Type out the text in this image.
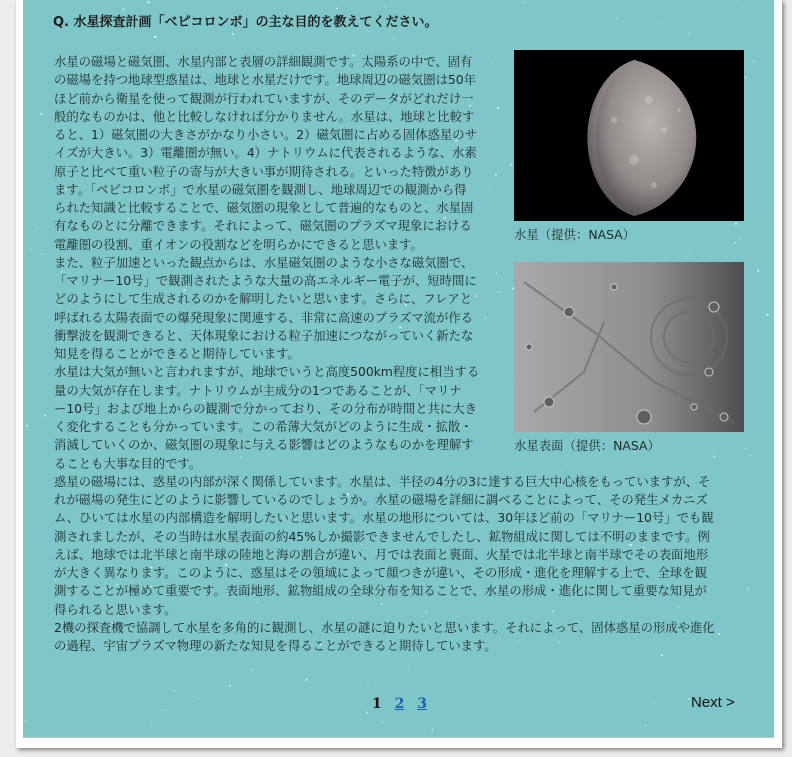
Q. 水星探査計画「ベピコロンボ」の主な目的を教えてください。
水星の磁場と磁気圏、水星内部と表層の詳細観測です。太陽系の中で、固有
の磁場を持つ地球型惑星は、地球と水星だけです。地球周辺の磁気圏は50年
ほど前から衛星を使って観測が行われていますが、そのデータがどれだけ一
般的なものかは、他と比較しなければ分かりません。水星は、地球と比較す
ると、1）磁気圏の大きさがかなり小さい。2）磁気圏に占める固体惑星のサ
イズが大きい。3）電離圏が無い。4）ナトリウムに代表されるような、水素
原子と比べて重い粒子の寄与が大きい事が期待される。といった特徴があり
ます。「ベピコロンボ」で水星の磁気圏を観測し、地球周辺での観測から得
られた知識と比較することで、磁気圏の現象として普遍的なものと、水星固
有なものとに分離できます。それによって、磁気圏のプラズマ現象における
電離圏の役割、重イオンの役割などを明らかにできると思います。
また、粒子加速といった観点からは、水星磁気圏のような小さな磁気圏で、
「マリナー10号」で観測されたような大量の高エネルギー電子が、短時間に
どのようにして生成されるのかを解明したいと思います。さらに、フレアと
呼ばれる太陽表面での爆発現象に関連する、非常に高速のプラズマ流が作る
衝撃波を観測できると、天体現象における粒子加速につながっていく新たな
知見を得ることができると期待しています。
水星は大気が無いと言われますが、地球でいうと高度500km程度に相当する
量の大気が存在します。ナトリウムが主成分の1つであることが、「マリナ
ー10号」および地上からの観測で分かっており、その分布が時間と共に大き
く変化することも分かっています。この希薄大気がどのように生成・拡散・
消滅していくのか、磁気圏の現象に与える影響はどのようなものかを理解す
ることも大事な目的です。
惑星の磁場には、惑星の内部が深く関係しています。水星は、半径の4分の3に達する巨大中心核をもっていますが、そ
れが磁場の発生にどのように影響しているのでしょうか。水星の磁場を詳細に調べることによって、その発生メカニズ
ム、ひいては水星の内部構造を解明したいと思います。水星の地形については、30年ほど前の「マリナー10号」でも観
測されましたが、その当時は水星表面の約45%しか撮影できませんでしたし、鉱物組成に関しては不明のままです。例
えば、地球では北半球と南半球の陸地と海の割合が違い、月では表面と裏面、火星では北半球と南半球でその表面地形
が大きく異なります。このように、惑星はその領域によって顔つきが違い、その形成・進化を理解する上で、全球を観
測することが極めて重要です。表面地形、鉱物組成の全球分布を知ることで、水星の形成・進化に関して重要な知見が
得られると思います。
2機の探査機で協調して水星を多角的に観測し、水星の謎に迫りたいと思います。それによって、固体惑星の形成や進化
の過程、宇宙プラズマ物理の新たな知見を得ることができると期待しています。
水星（提供：NASA）
水星表面（提供：NASA）
1 2 3	Next >
